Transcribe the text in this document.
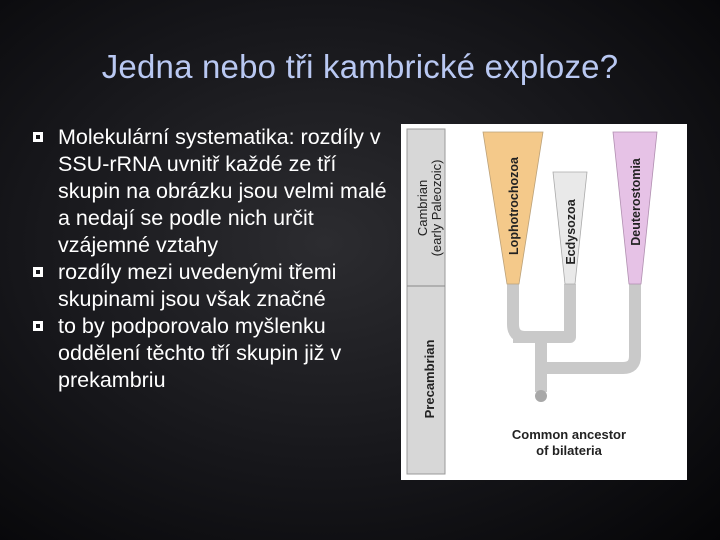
Jedna nebo tři kambrické exploze?
Molekulární systematika: rozdíly v SSU-rRNA uvnitř každé ze tří skupin na obrázku jsou velmi malé a nedají se podle nich určit vzájemné vztahy
rozdíly mezi uvedenými třemi skupinami jsou však značné
to by podporovalo myšlenku oddělení těchto tří skupin již v prekambriu
Cambrian (early Paleozoic)
Precambrian
Lophotrochozoa	Ecdysozoa	Deuterostomia
Common ancestor
of bilateria
